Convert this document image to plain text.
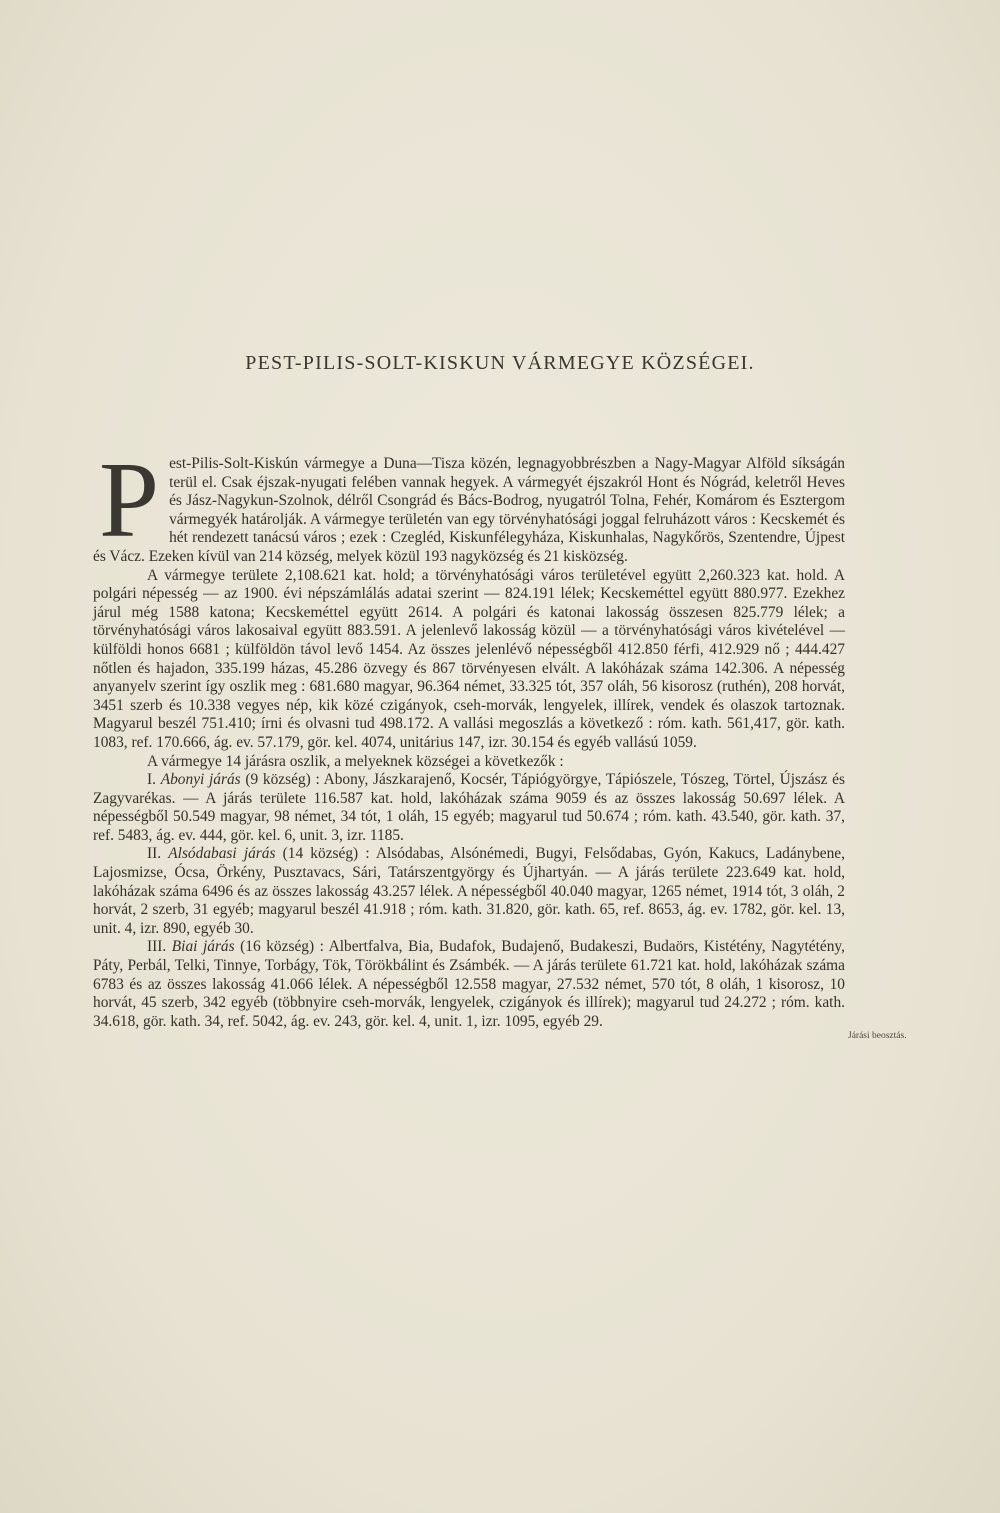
PEST-PILIS-SOLT-KISKUN VÁRMEGYE KÖZSÉGEI.

Pest-Pilis-Solt-Kiskún vármegye a Duna—Tisza közén, legnagyobbrészben a Nagy-Magyar Alföld síkságán terül el. Csak éjszak-nyugati felében vannak hegyek. A vármegyét éjszakról Hont és Nógrád, keletről Heves és Jász-Nagykun-Szolnok, délről Csongrád és Bács-Bodrog, nyugatról Tolna, Fehér, Komárom és Esztergom vármegyék határolják. A vármegye területén van egy törvényhatósági joggal felruházott város : Kecskemét és hét rendezett tanácsú város ; ezek : Czegléd, Kiskunfélegyháza, Kiskunhalas, Nagykőrös, Szentendre, Újpest és Vácz. Ezeken kívül van 214 község, melyek közül 193 nagyközség és 21 kisközség.

A vármegye területe 2,108.621 kat. hold; a törvényhatósági város területével együtt 2,260.323 kat. hold. A polgári népesség — az 1900. évi népszámlálás adatai szerint — 824.191 lélek; Kecskeméttel együtt 880.977. Ezekhez járul még 1588 katona; Kecskeméttel együtt 2614. A polgári és katonai lakosság összesen 825.779 lélek; a törvényhatósági város lakosaival együtt 883.591. A jelenlevő lakosság közül — a törvényhatósági város kivételével — külföldi honos 6681 ; külföldön távol levő 1454. Az összes jelenlévő népességből 412.850 férfi, 412.929 nő ; 444.427 nőtlen és hajadon, 335.199 házas, 45.286 özvegy és 867 törvényesen elvált. A lakóházak száma 142.306. A népesség anyanyelv szerint így oszlik meg : 681.680 magyar, 96.364 német, 33.325 tót, 357 oláh, 56 kisorosz (ruthén), 208 horvát, 3451 szerb és 10.338 vegyes nép, kik közé czigányok, cseh-morvák, lengyelek, illírek, vendek és olaszok tartoznak. Magyarul beszél 751.410; írni és olvasni tud 498.172. A vallási megoszlás a következő : róm. kath. 561,417, gör. kath. 1083, ref. 170.666, ág. ev. 57.179, gör. kel. 4074, unitárius 147, izr. 30.154 és egyéb vallású 1059.

A vármegye 14 járásra oszlik, a melyeknek községei a következők :

I. Abonyi járás (9 község) : Abony, Jászkarajenő, Kocsér, Tápiógyörgye, Tápiószele, Tószeg, Törtel, Újszász és Zagyvarékas. — A járás területe 116.587 kat. hold, lakóházak száma 9059 és az összes lakosság 50.697 lélek. A népességből 50.549 magyar, 98 német, 34 tót, 1 oláh, 15 egyéb; magyarul tud 50.674 ; róm. kath. 43.540, gör. kath. 37, ref. 5483, ág. ev. 444, gör. kel. 6, unit. 3, izr. 1185.

II. Alsódabasi járás (14 község) : Alsódabas, Alsónémedi, Bugyi, Felsődabas, Gyón, Kakucs, Ladánybene, Lajosmizse, Ócsa, Örkény, Pusztavacs, Sári, Tatárszentgyörgy és Újhartyán. — A járás területe 223.649 kat. hold, lakóházak száma 6496 és az összes lakosság 43.257 lélek. A népességből 40.040 magyar, 1265 német, 1914 tót, 3 oláh, 2 horvát, 2 szerb, 31 egyéb; magyarul beszél 41.918 ; róm. kath. 31.820, gör. kath. 65, ref. 8653, ág. ev. 1782, gör. kel. 13, unit. 4, izr. 890, egyéb 30.

III. Biai járás (16 község) : Albertfalva, Bia, Budafok, Budajenő, Budakeszi, Budaörs, Kistétény, Nagytétény, Páty, Perbál, Telki, Tinnye, Torbágy, Tök, Törökbálint és Zsámbék. — A járás területe 61.721 kat. hold, lakóházak száma 6783 és az összes lakosság 41.066 lélek. A népességből 12.558 magyar, 27.532 német, 570 tót, 8 oláh, 1 kisorosz, 10 horvát, 45 szerb, 342 egyéb (többnyire cseh-morvák, lengyelek, czigányok és illírek); magyarul tud 24.272 ; róm. kath. 34.618, gör. kath. 34, ref. 5042, ág. ev. 243, gör. kel. 4, unit. 1, izr. 1095, egyéb 29.

Járási beosztás.
